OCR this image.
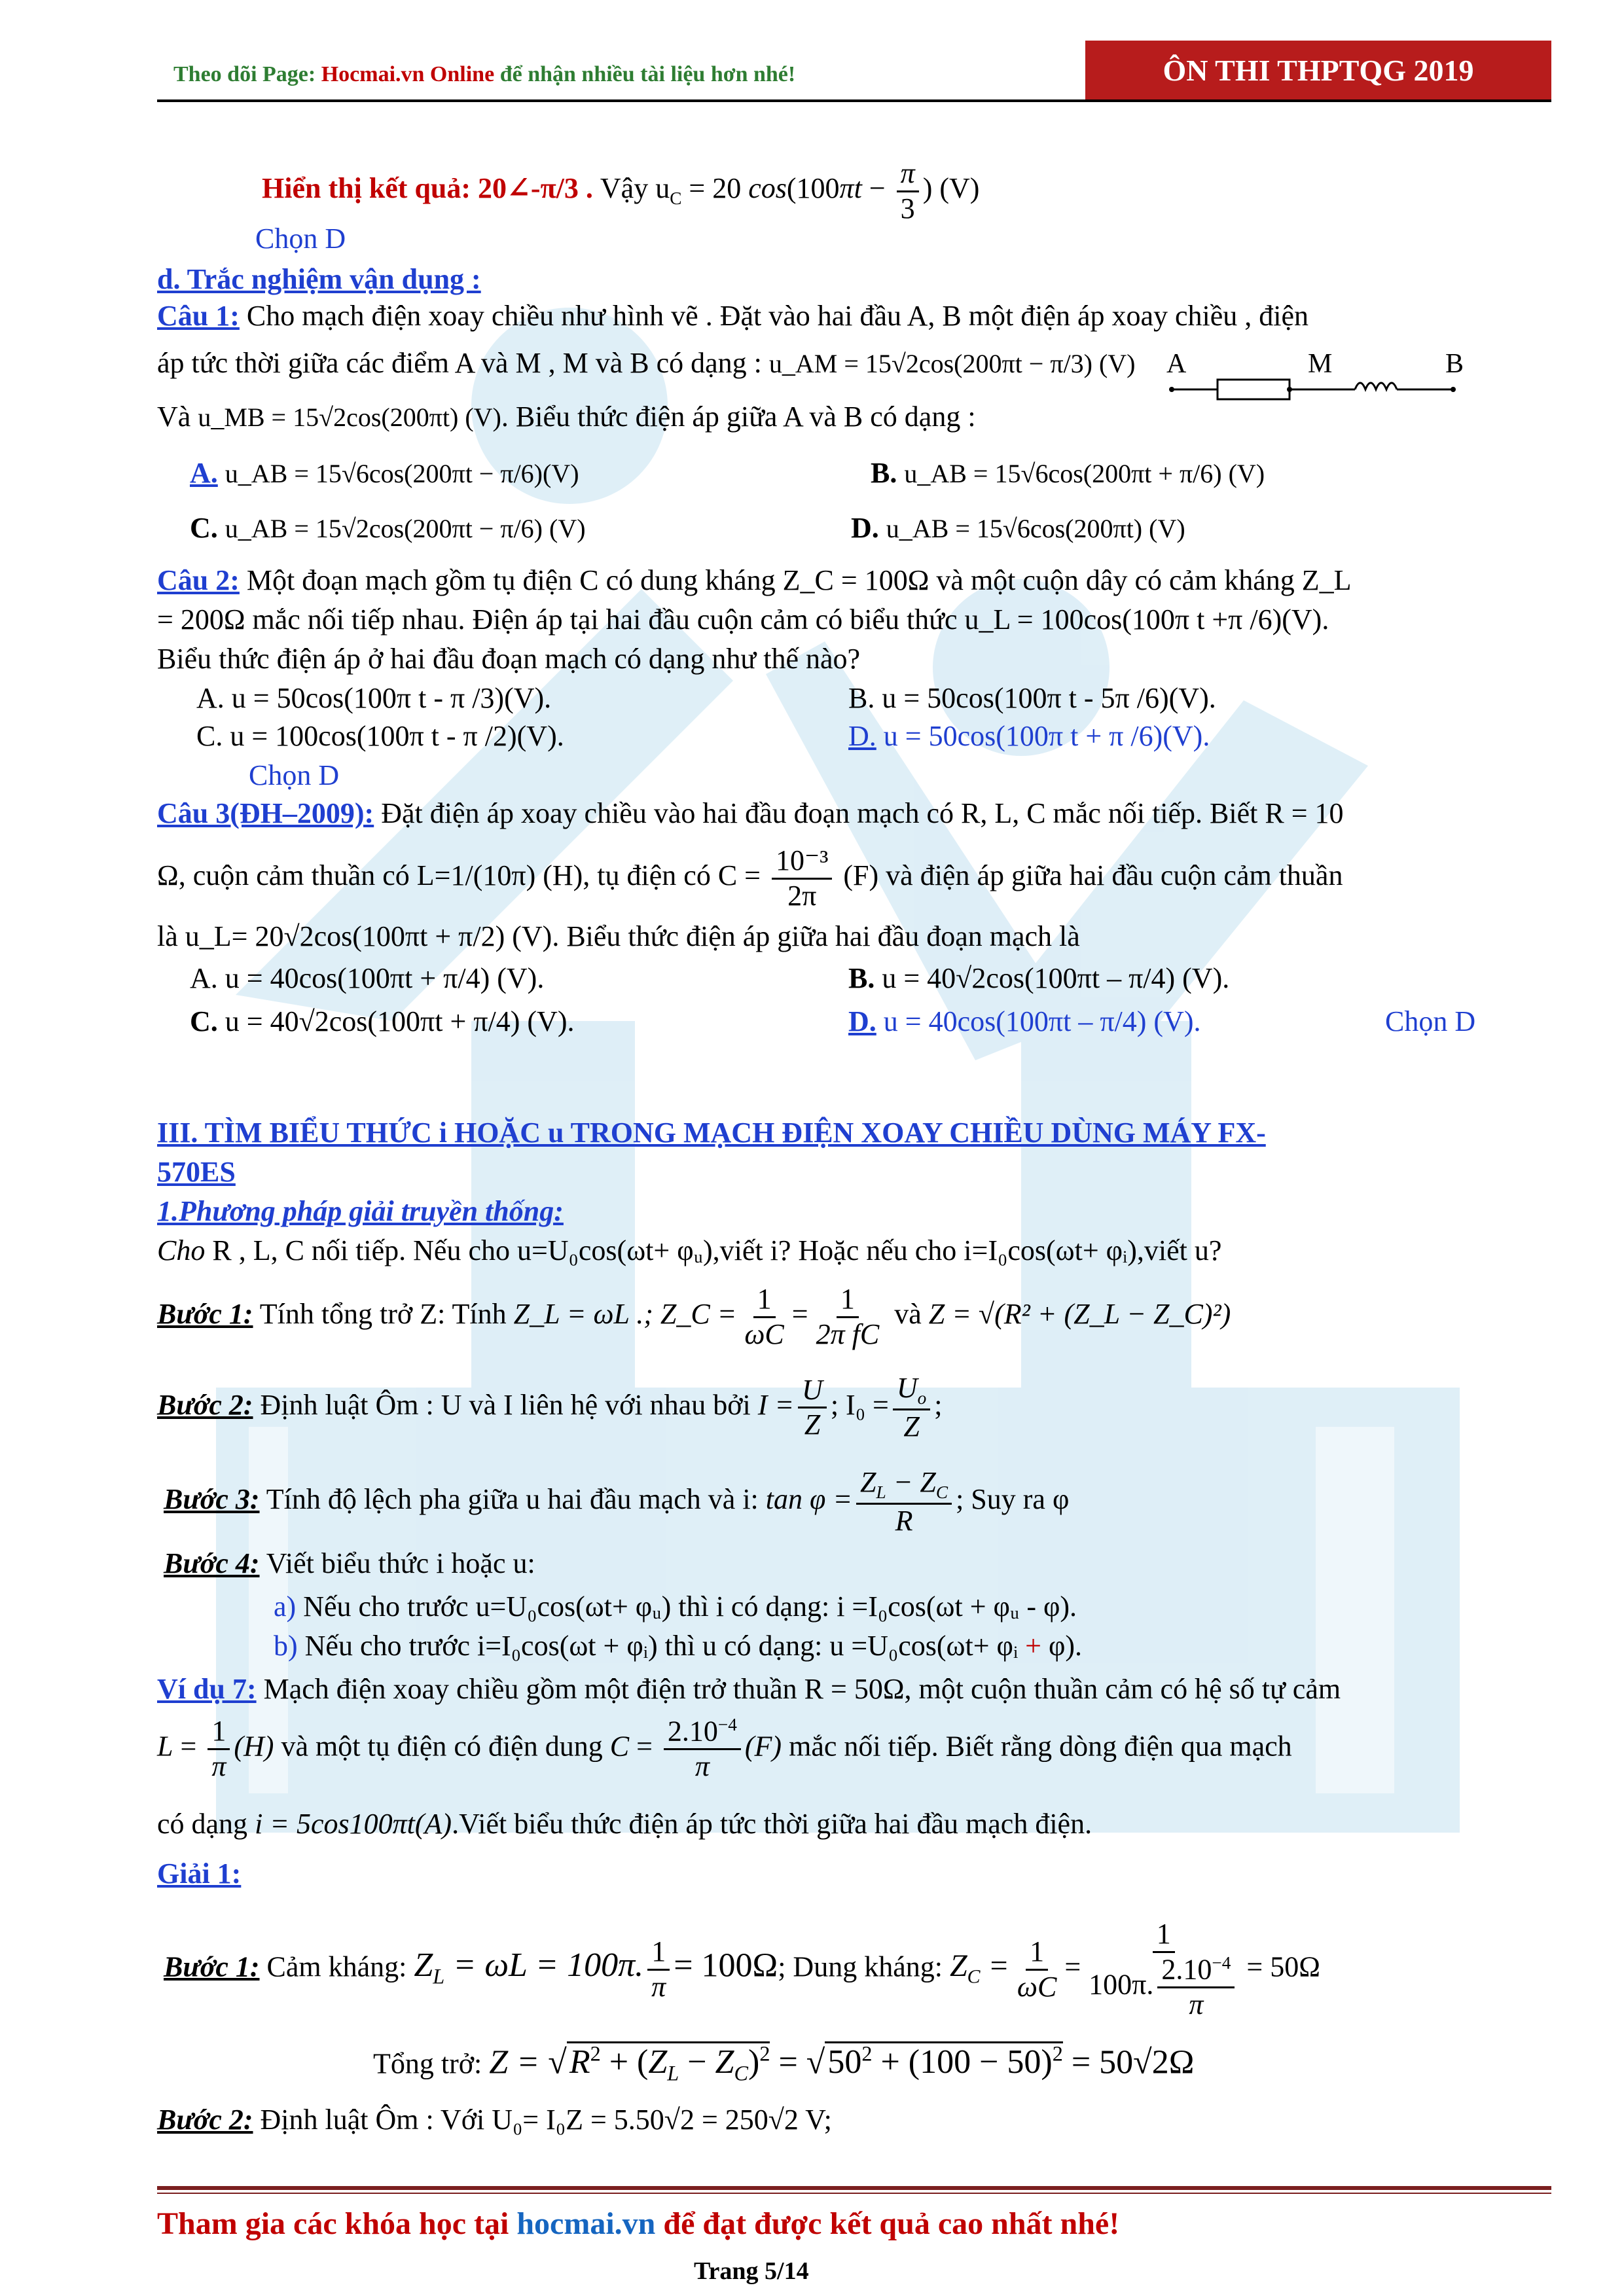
Theo dõi Page: Hocmai.vn Online để nhận nhiều tài liệu hơn nhé!	ÔN THI THPTQG 2019
Hiển thị kết quả: 20∠-π/3 . Vậy $u_C = 20$ $\cos(100\pi t - \frac{\pi}{3}$ ) (V)
Chọn D
d. Trắc nghiệm vận dụng :
Câu 1: Cho mạch điện xoay chiều như hình vẽ . Đặt vào hai đầu A, B một điện áp xoay chiều , điện
áp tức thời giữa các điểm A và M , M và B có dạng : u_AM = 15√2cos(200πt − π/3) (V) A	M	B
Và u_MB = 15√2cos(200πt) (V). Biểu thức điện áp giữa A và B có dạng :
A. u_AB = 15√6cos(200πt − π/6)(V)	B. u_AB = 15√6cos(200πt + π/6) (V)
C. u_AB = 15√2cos(200πt − π/6) (V)	D. u_AB = 15√6cos(200πt) (V)
Câu 2: Một đoạn mạch gồm tụ điện C có dung kháng Z_C = 100Ω và một cuộn dây có cảm kháng Z_L
= 200Ω mắc nối tiếp nhau. Điện áp tại hai đầu cuộn cảm có biểu thức u_L = 100cos(100π t +π /6)(V).
Biểu thức điện áp ở hai đầu đoạn mạch có dạng như thế nào?
A. u = 50cos(100π t - π /3)(V).	B. u = 50cos(100π t - 5π /6)(V).
C. u = 100cos(100π t - π /2)(V).	D. u = 50cos(100π t + π /6)(V).
Chọn D
Câu 3(ĐH–2009): Đặt điện áp xoay chiều vào hai đầu đoạn mạch có R, L, C mắc nối tiếp. Biết R = 10
Ω, cuộn cảm thuần có L=1/(10π) (H), tụ điện có $C = \frac{\text{10⁻³}}{2\pi} (F)$ và điện áp giữa hai đầu cuộn cảm thuần
là u_L= 20√2cos(100πt + π/2) (V). Biểu thức điện áp giữa hai đầu đoạn mạch là
A. u = 40cos(100πt + π/4) (V).	B. u = 40√2cos(100πt – π/4) (V).
C. u = 40√2cos(100πt + π/4) (V).	D. u = 40cos(100πt – π/4) (V).	Chọn D
III. TÌM BIỂU THỨC i HOẶC u TRONG MẠCH ĐIỆN XOAY CHIỀU DÙNG MÁY FX-
570ES
1.Phương pháp giải truyền thống:
Cho R , L, C nối tiếp. Nếu cho u=U₀cos(ωt+ φᵤ),viết i? Hoặc nếu cho i=I₀cos(ωt+ φᵢ),viết u?
Bước 1: Tính tổng trở Z: Tính Z_L = ωL .; Z_C = $\frac{1}{\omega C} = \frac{1}{\text{2π fC}}$ và Z = √(R² + (Z_L − Z_C)²)
Bước 2: Định luật Ôm : U và I liên hệ với nhau bởi $I = \frac{U}{Z}$ ; $I_0 = \frac{U_o}{Z}$ ;
Bước 3: Tính độ lệch pha giữa u hai đầu mạch và i: $\tan \varphi = \frac{Z_L - Z_C}{R}$ ; Suy ra φ
Bước 4: Viết biểu thức i hoặc u:
a) Nếu cho trước u=U₀cos(ωt+ φᵤ) thì i có dạng: i =I₀cos(ωt + φᵤ - φ).
b) Nếu cho trước i=I₀cos(ωt + φᵢ) thì u có dạng: u =U₀cos(ωt+ φᵢ + φ).
Ví dụ 7: Mạch điện xoay chiều gồm một điện trở thuần R = 50Ω, một cuộn thuần cảm có hệ số tự cảm
$L = \frac{1}{\pi} (H)$ và một tụ điện có điện dung $C = \frac{2.10^{-4}}{\pi} (F)$ mắc nối tiếp. Biết rằng dòng điện qua mạch
có dạng i = 5cos100πt(A).Viết biểu thức điện áp tức thời giữa hai đầu mạch điện.
Giải 1:
Bước 1: Cảm kháng: $Z_L = \omega L = 100\pi$. $\frac{1}{\pi} = 100\Omega$; Dung kháng: $Z_C = \frac{1}{\omega C} = \frac{1}{100\pi. \frac{2.10^{-4}}{\pi}} = 50\Omega$
Tổng trở: $Z = √R^2 + (Z_L - Z_C)^2 = √50^2 + (100 - 50)^2 = 50√2\Omega$
Bước 2: Định luật Ôm : Với U₀= I₀Z = 5.50√2 = 250√2 V;
Tham gia các khóa học tại hocmai.vn để đạt được kết quả cao nhất nhé!
Trang 5/14
